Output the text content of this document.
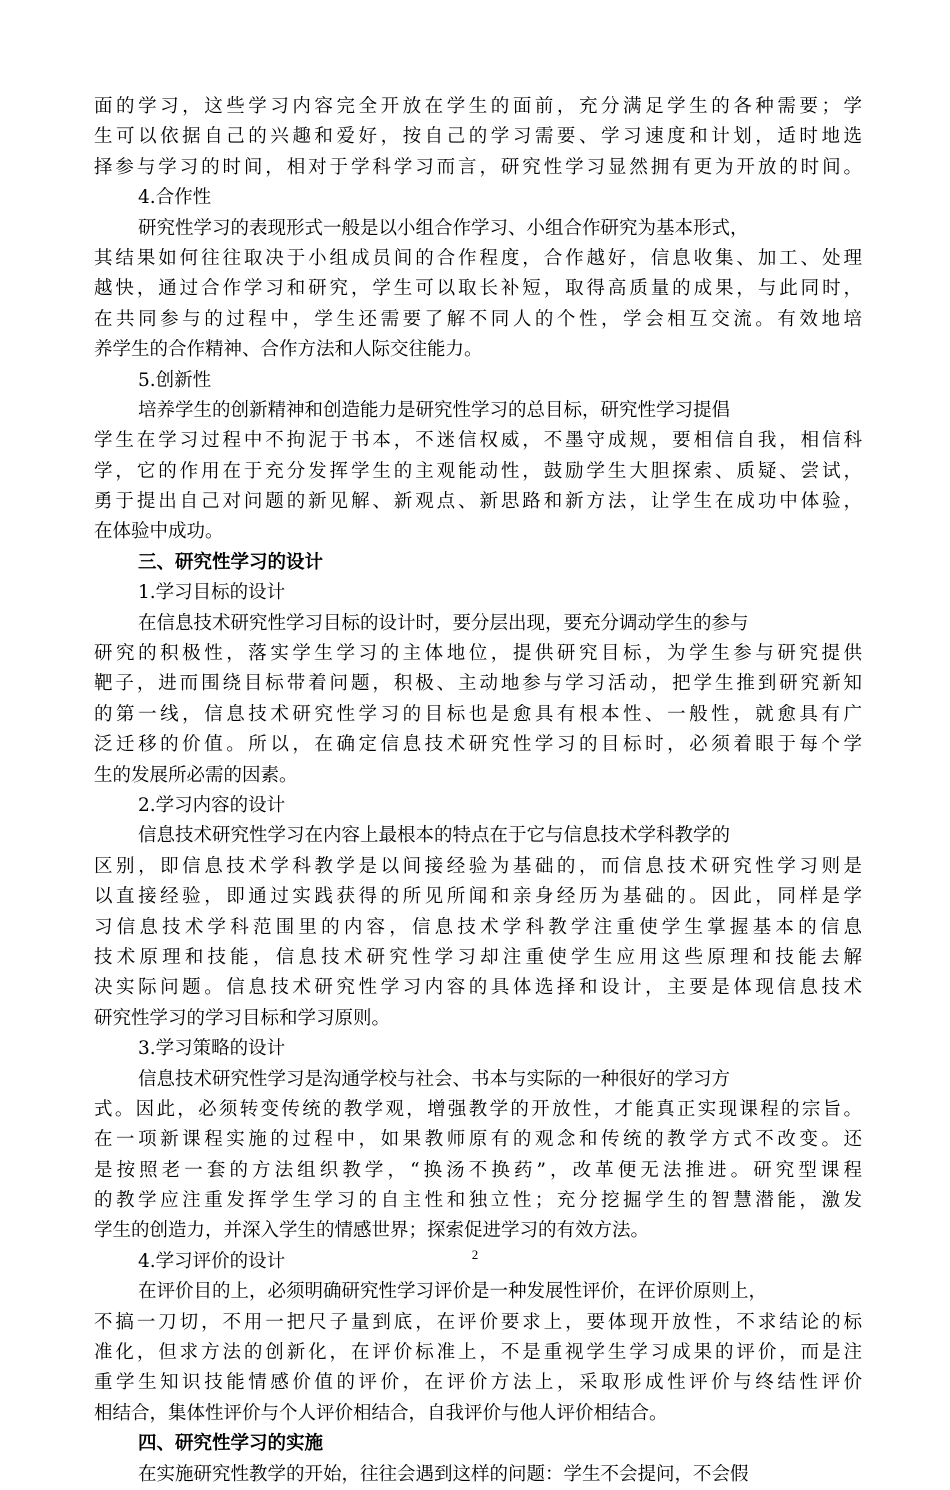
面的学习，这些学习内容完全开放在学生的面前，充分满足学生的各种需要；学
生可以依据自己的兴趣和爱好，按自己的学习需要、学习速度和计划，适时地选
择参与学习的时间，相对于学科学习而言，研究性学习显然拥有更为开放的时间。
4.合作性
研究性学习的表现形式一般是以小组合作学习、小组合作研究为基本形式，
其结果如何往往取决于小组成员间的合作程度，合作越好，信息收集、加工、处理
越快，通过合作学习和研究，学生可以取长补短，取得高质量的成果，与此同时，
在共同参与的过程中，学生还需要了解不同人的个性，学会相互交流。有效地培
养学生的合作精神、合作方法和人际交往能力。
5.创新性
培养学生的创新精神和创造能力是研究性学习的总目标，研究性学习提倡
学生在学习过程中不拘泥于书本，不迷信权威，不墨守成规，要相信自我，相信科
学，它的作用在于充分发挥学生的主观能动性，鼓励学生大胆探索、质疑、尝试，
勇于提出自己对问题的新见解、新观点、新思路和新方法，让学生在成功中体验，
在体验中成功。
三、研究性学习的设计
1.学习目标的设计
在信息技术研究性学习目标的设计时，要分层出现，要充分调动学生的参与
研究的积极性，落实学生学习的主体地位，提供研究目标，为学生参与研究提供
靶子，进而围绕目标带着问题，积极、主动地参与学习活动，把学生推到研究新知
的第一线，信息技术研究性学习的目标也是愈具有根本性、一般性，就愈具有广
泛迁移的价值。所以，在确定信息技术研究性学习的目标时，必须着眼于每个学
生的发展所必需的因素。
2.学习内容的设计
信息技术研究性学习在内容上最根本的特点在于它与信息技术学科教学的
区别，即信息技术学科教学是以间接经验为基础的，而信息技术研究性学习则是
以直接经验，即通过实践获得的所见所闻和亲身经历为基础的。因此，同样是学
习信息技术学科范围里的内容，信息技术学科教学注重使学生掌握基本的信息
技术原理和技能，信息技术研究性学习却注重使学生应用这些原理和技能去解
决实际问题。信息技术研究性学习内容的具体选择和设计，主要是体现信息技术
研究性学习的学习目标和学习原则。
3.学习策略的设计
信息技术研究性学习是沟通学校与社会、书本与实际的一种很好的学习方
式。因此，必须转变传统的教学观，增强教学的开放性，才能真正实现课程的宗旨。
在一项新课程实施的过程中，如果教师原有的观念和传统的教学方式不改变。还
是按照老一套的方法组织教学，“换汤不换药”，改革便无法推进。研究型课程
的教学应注重发挥学生学习的自主性和独立性；充分挖掘学生的智慧潜能，激发
学生的创造力，并深入学生的情感世界；探索促进学习的有效方法。
4.学习评价的设计
在评价目的上，必须明确研究性学习评价是一种发展性评价，在评价原则上，
不搞一刀切，不用一把尺子量到底，在评价要求上，要体现开放性，不求结论的标
准化，但求方法的创新化，在评价标准上，不是重视学生学习成果的评价，而是注
重学生知识技能情感价值的评价，在评价方法上，采取形成性评价与终结性评价
相结合，集体性评价与个人评价相结合，自我评价与他人评价相结合。
四、研究性学习的实施
在实施研究性教学的开始，往往会遇到这样的问题：学生不会提问，不会假
2
